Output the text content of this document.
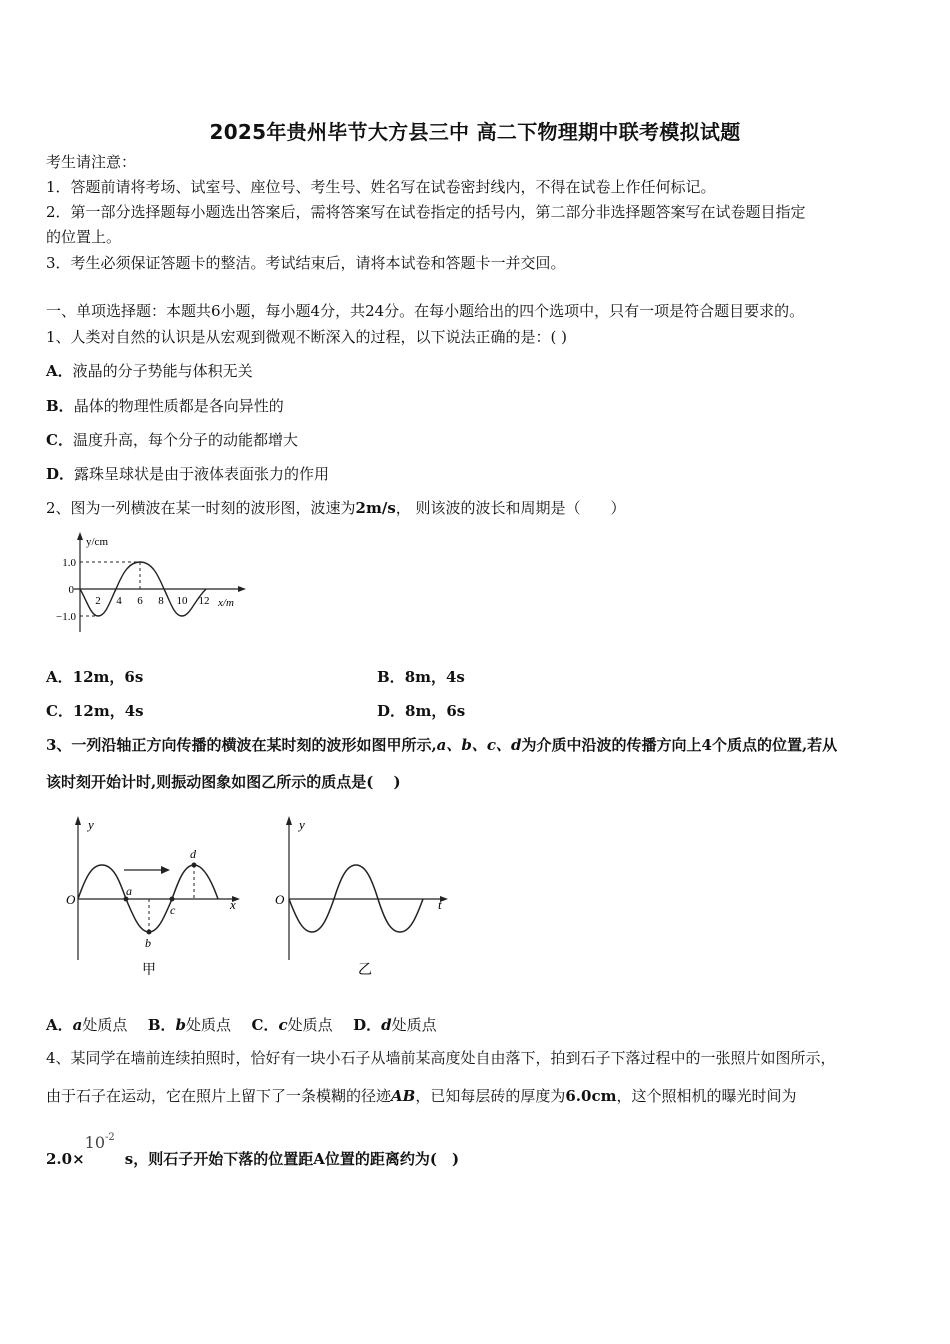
2025年贵州毕节大方县三中 高二下物理期中联考模拟试题
考生请注意：
1．答题前请将考场、试室号、座位号、考生号、姓名写在试卷密封线内，不得在试卷上作任何标记。
2．第一部分选择题每小题选出答案后，需将答案写在试卷指定的括号内，第二部分非选择题答案写在试卷题目指定
的位置上。
3．考生必须保证答题卡的整洁。考试结束后，请将本试卷和答题卡一并交回。
一、单项选择题：本题共6小题，每小题4分，共24分。在每小题给出的四个选项中，只有一项是符合题目要求的。
1、人类对自然的认识是从宏观到微观不断深入的过程，以下说法正确的是：( )
A．液晶的分子势能与体积无关
B．晶体的物理性质都是各向异性的
C．温度升高，每个分子的动能都增大
D．露珠呈球状是由于液体表面张力的作用
2、图为一列横波在某一时刻的波形图，波速为2m/s， 则该波的波长和周期是（　　）
y/cm
x/m
1.0
0
−1.0
2 4 6 8 10 12
A．12m，6s	B．8m，4s
C．12m，4s	D．8m，6s
3、一列沿轴正方向传播的横波在某时刻的波形如图甲所示,a、b、c、d为介质中沿波的传播方向上4个质点的位置,若从
该时刻开始计时,则振动图象如图乙所示的质点是(　 )
y
O	x
a
b
c
d
甲
y
O	t
乙
A．a处质点 B．b处质点 C．c处质点 D．d处质点
4、某同学在墙前连续拍照时，恰好有一块小石子从墙前某高度处自由落下，拍到石子下落过程中的一张照片如图所示，
由于石子在运动，它在照片上留下了一条模糊的径迹AB，已知每层砖的厚度为6.0cm，这个照相机的曝光时间为
$2.0\times 10^{-2}s$，则石子开始下落的位置距A位置的距离约为(　)
